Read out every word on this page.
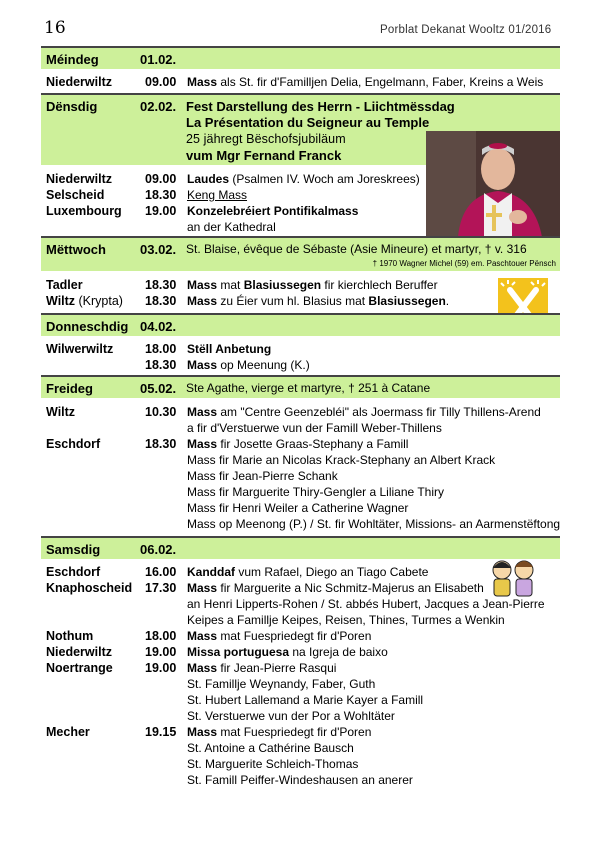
16	Porblat Dekanat Wooltz 01/2016
Méindeg	01.02.
Niederwiltz	09.00 Mass als St. fir d'Familljen Delia, Engelmann, Faber, Kreins a Weis
Dënsdig	02.02. Fest Darstellung des Herrn - Liichtmëssdag
La Présentation du Seigneur au Temple
25 jähregt Bëschofsjubiläum
vum Mgr Fernand Franck
Niederwiltz	09.00 Laudes (Psalmen IV. Woch am Joreskrees)
Selscheid	18.30 Keng Mass
Luxembourg 19.00 Konzelebréiert Pontifikalmass
an der Kathedral
Mëttwoch	03.02. St. Blaise, évêque de Sébaste (Asie Mineure) et martyr, † v. 316
† 1970 Wagner Michel (59) em. Paschtouer Pënsch
Tadler	18.30 Mass mat Blasiussegen fir kierchlech Beruffer
Wiltz (Krypta) 18.30 Mass zu Éier vum hl. Blasius mat Blasiussegen.
Donneschdig 04.02.
Wilwerwiltz	18.00 Stëll Anbetung
18.30 Mass op Meenung (K.)
Freideg	05.02. Ste Agathe, vierge et martyre, † 251 à Catane
Wiltz	10.30 Mass am "Centre Geenzebléi" als Joermass fir Tilly Thillens-Arend
a fir d'Verstuerwe vun der Famill Weber-Thillens
Eschdorf	18.30 Mass fir Josette Graas-Stephany a Famill
Mass fir Marie an Nicolas Krack-Stephany an Albert Krack
Mass fir Jean-Pierre Schank
Mass fir Marguerite Thiry-Gengler a Liliane Thiry
Mass fir Henri Weiler a Catherine Wagner
Mass op Meenong (P.) / St. fir Wohltäter, Missions- an Aarmenstëftong
Samsdig	06.02.
Eschdorf	16.00 Kanddaf vum Rafael, Diego an Tiago Cabete
Knaphoscheid 17.30 Mass fir Marguerite a Nic Schmitz-Majerus an Elisabeth
an Henri Lipperts-Rohen / St. abbés Hubert, Jacques a Jean-Pierre
Keipes a Famillje Keipes, Reisen, Thines, Turmes a Wenkin
Nothum	18.00 Mass mat Fuespriedegt fir d'Poren
Niederwiltz	19.00 Missa portuguesa na Igreja de baixo
Noertrange	19.00 Mass fir Jean-Pierre Rasqui
St. Famillje Weynandy, Faber, Guth
St. Hubert Lallemand a Marie Kayer a Famill
St. Verstuerwe vun der Por a Wohltäter
Mecher	19.15 Mass mat Fuespriedegt fir d'Poren
St. Antoine a Cathérine Bausch
St. Marguerite Schleich-Thomas
St. Famill Peiffer-Windeshausen an anerer
